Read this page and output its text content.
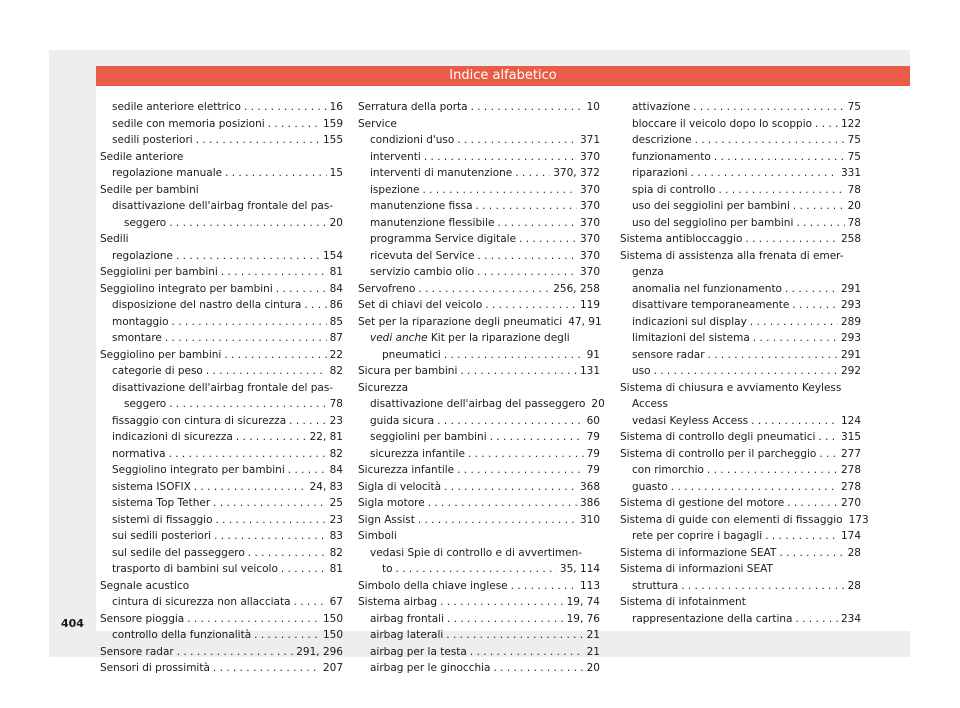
Indice alfabetico
sedile anteriore elettrico . . .	16
sedile con memoria posizioni . . .	159
sedili posteriori . . .	155
Sedile anteriore
regolazione manuale . . .	15
Sedile per bambini
disattivazione dell'airbag frontale del pas-
seggero . . .	20
Sedili
regolazione . . .	154
Seggiolini per bambini . . .	81
Seggiolino integrato per bambini . . .	84
disposizione del nastro della cintura . . .	86
montaggio . . .	85
smontare . . .	87
Seggiolino per bambini . . .	22
categorie di peso . . .	82
disattivazione dell'airbag frontale del pas-
seggero . . .	78
fissaggio con cintura di sicurezza . . .	23
indicazioni di sicurezza . . .	22, 81
normativa . . .	82
Seggiolino integrato per bambini . . .	84
sistema ISOFIX . . .	24, 83
sistema Top Tether . . .	25
sistemi di fissaggio . . .	23
sui sedili posteriori . . .	83
sul sedile del passeggero . . .	82
trasporto di bambini sul veicolo . . .	81
Segnale acustico
cintura di sicurezza non allacciata . . .	67
Sensore pioggia . . .	150
controllo della funzionalità . . .	150
Sensore radar . . .	291, 296
Sensori di prossimità . . .	207
Serratura della porta . . .	10
Service
condizioni d'uso . . .	371
interventi . . .	370
interventi di manutenzione . . .	370, 372
ispezione . . .	370
manutenzione fissa . . .	370
manutenzione flessibile . . .	370
programma Service digitale . . .	370
ricevuta del Service . . .	370
servizio cambio olio . . .	370
Servofreno . . .	256, 258
Set di chiavi del veicolo . . .	119
Set per la riparazione degli pneumatici 47, 91
vedi anche Kit per la riparazione degli
pneumatici . . .	91
Sicura per bambini . . .	131
Sicurezza
disattivazione dell'airbag del passeggero 20
guida sicura . . .	60
seggiolini per bambini . . .	79
sicurezza infantile . . .	79
Sicurezza infantile . . .	79
Sigla di velocità . . .	368
Sigla motore . . .	386
Sign Assist . . .	310
Simboli
vedasi Spie di controllo e di avvertimen-
to . . .	35, 114
Simbolo della chiave inglese . . .	113
Sistema airbag . . .	19, 74
airbag frontali . . .	19, 76
airbag laterali . . .	21
airbag per la testa . . .	21
airbag per le ginocchia . . .	20
attivazione . . .	75
bloccare il veicolo dopo lo scoppio . . .	122
descrizione . . .	75
funzionamento . . .	75
riparazioni . . .	331
spia di controllo . . .	78
uso dei seggiolini per bambini . . .	20
uso del seggiolino per bambini . . .	78
Sistema antibloccaggio . . .	258
Sistema di assistenza alla frenata di emer-
genza
anomalia nel funzionamento . . .	291
disattivare temporaneamente . . .	293
indicazioni sul display . . .	289
limitazioni del sistema . . .	293
sensore radar . . .	291
uso . . .	292
Sistema di chiusura e avviamento Keyless
Access
vedasi Keyless Access . . .	124
Sistema di controllo degli pneumatici . . . 315
Sistema di controllo per il parcheggio . . . 277
con rimorchio . . .	278
guasto . . .	278
Sistema di gestione del motore . . .	270
Sistema di guide con elementi di fissaggio 173
rete per coprire i bagagli . . .	174
Sistema di informazione SEAT . . .	28
Sistema di informazioni SEAT
struttura . . .	28
Sistema di infotainment
rappresentazione della cartina . . .	234
404
